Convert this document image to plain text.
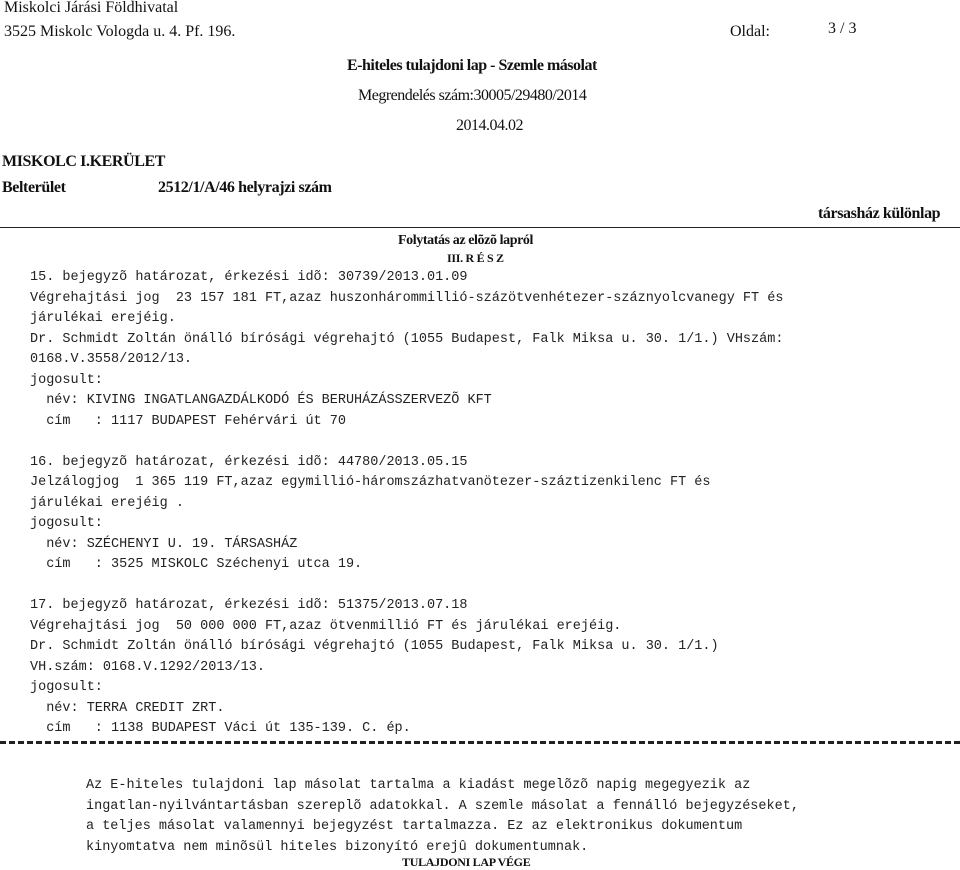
Miskolci Járási Földhivatal
3525 Miskolc Vologda u. 4. Pf. 196.	Oldal:	3 / 3
E-hiteles tulajdoni lap - Szemle másolat
Megrendelés szám:30005/29480/2014
2014.04.02
MISKOLC I.KERÜLET
Belterület	2512/1/A/46 helyrajzi szám
társasház különlap
Folytatás az elõzõ lapról
III. R É S Z
15. bejegyzõ határozat, érkezési idõ: 30739/2013.01.09
Végrehajtási jog  23 157 181 FT,azaz huszonhárommillió-százötvenhétezer-száznyolcvanegy FT és
járulékai erejéig.
Dr. Schmidt Zoltán önálló bírósági végrehajtó (1055 Budapest, Falk Miksa u. 30. 1/1.) VHszám:
0168.V.3558/2012/13.
jogosult:
név: KIVING INGATLANGAZDÁLKODÓ ÉS BERUHÁZÁSSZERVEZÕ KFT
cím   : 1117 BUDAPEST Fehérvári út 70
16. bejegyzõ határozat, érkezési idõ: 44780/2013.05.15
Jelzálogjog  1 365 119 FT,azaz egymillió-háromszázhatvanötezer-száztizenkilenc FT és
járulékai erejéig .
jogosult:
név: SZÉCHENYI U. 19. TÁRSASHÁZ
cím   : 3525 MISKOLC Széchenyi utca 19.
17. bejegyzõ határozat, érkezési idõ: 51375/2013.07.18
Végrehajtási jog  50 000 000 FT,azaz ötvenmillió FT és járulékai erejéig.
Dr. Schmidt Zoltán önálló bírósági végrehajtó (1055 Budapest, Falk Miksa u. 30. 1/1.)
VH.szám: 0168.V.1292/2013/13.
jogosult:
név: TERRA CREDIT ZRT.
cím   : 1138 BUDAPEST Váci út 135-139. C. ép.
Az E-hiteles tulajdoni lap másolat tartalma a kiadást megelõzõ napig megegyezik az
ingatlan-nyilvántartásban szereplõ adatokkal. A szemle másolat a fennálló bejegyzéseket,
a teljes másolat valamennyi bejegyzést tartalmazza. Ez az elektronikus dokumentum
kinyomtatva nem minõsül hiteles bizonyító erejû dokumentumnak.
TULAJDONI LAP VÉGE
